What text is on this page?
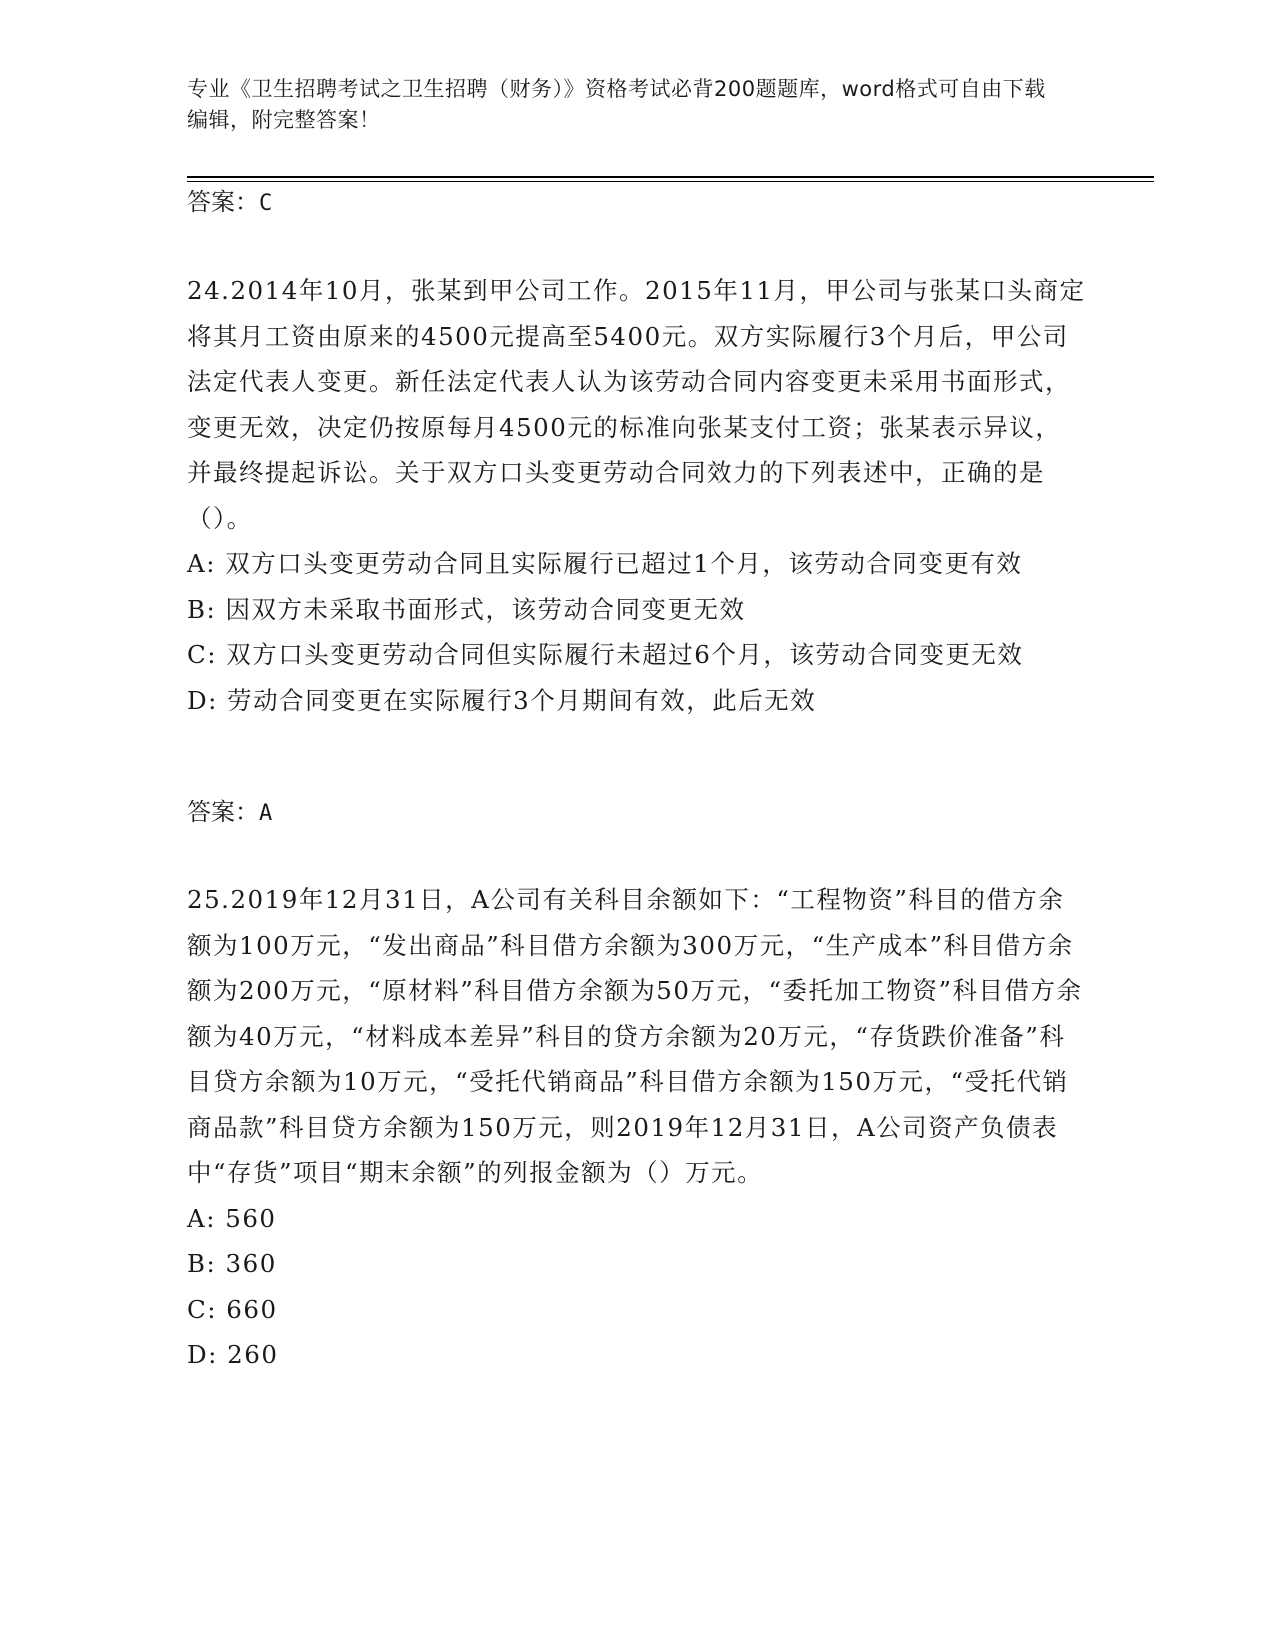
专业《卫生招聘考试之卫生招聘（财务）》资格考试必背200题题库，word格式可自由下载编辑，附完整答案！
答案：C

24.2014年10月，张某到甲公司工作。2015年11月，甲公司与张某口头商定将其月工资由原来的4500元提高至5400元。双方实际履行3个月后，甲公司法定代表人变更。新任法定代表人认为该劳动合同内容变更未采用书面形式，变更无效，决定仍按原每月4500元的标准向张某支付工资；张某表示异议，并最终提起诉讼。关于双方口头变更劳动合同效力的下列表述中，正确的是（）。

A: 双方口头变更劳动合同且实际履行已超过1个月，该劳动合同变更有效

B: 因双方未采取书面形式，该劳动合同变更无效

C: 双方口头变更劳动合同但实际履行未超过6个月，该劳动合同变更无效

D: 劳动合同变更在实际履行3个月期间有效，此后无效

答案：A

25.2019年12月31日，A公司有关科目余额如下：“工程物资”科目的借方余额为100万元，“发出商品”科目借方余额为300万元，“生产成本”科目借方余额为200万元，“原材料”科目借方余额为50万元，“委托加工物资”科目借方余额为40万元，“材料成本差异”科目的贷方余额为20万元，“存货跌价准备”科目贷方余额为10万元，“受托代销商品”科目借方余额为150万元，“受托代销商品款”科目贷方余额为150万元，则2019年12月31日，A公司资产负债表中“存货”项目“期末余额”的列报金额为（）万元。

A: 560

B: 360

C: 660

D: 260
